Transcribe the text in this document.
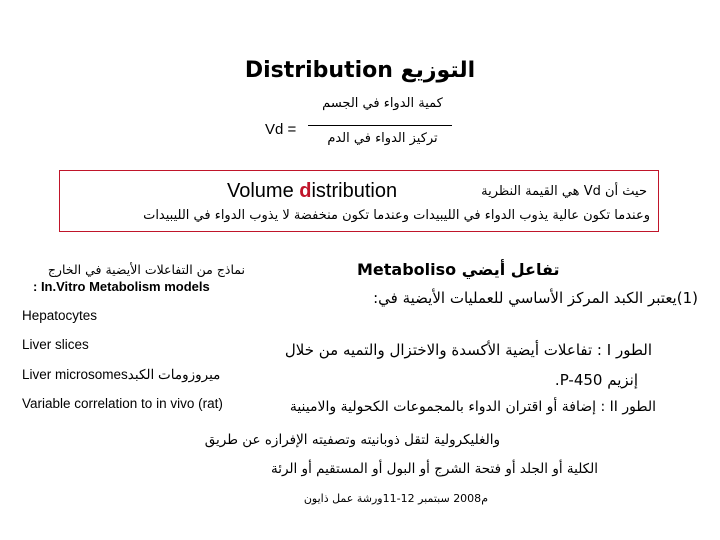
Distribution التوزيع
Vd =
كمية الدواء في الجسم
تركيز الدواء في الدم
Volume distribution	حيث أن Vd هي القيمة النظرية
وعندما تكون عالية يذوب الدواء في الليبيدات وعندما تكون منخفضة لا يذوب الدواء في الليبيدات
نماذج من التفاعلات الأيضية في الخارج
: In.Vitro Metabolism models
Hepatocytes
Liver slices
Liver microsomesميروزومات الكبد
Variable correlation to in vivo (rat)
Metaboliso تفاعل أيضي
(1)يعتبر الكبد المركز الأساسي للعمليات الأيضية في:
الطور I : تفاعلات أيضية الأكسدة والاختزال والتميه من خلال
إنزيم P-450.
الطور II : إضافة أو اقتران الدواء بالمجموعات الكحولية والامينية
والغليكرولية لتقل ذوبانيته وتصفيته الإفرازه عن طريق
الكلية أو الجلد أو فتحة الشرج أو البول أو المستقيم أو الرئة
م2008 سبتمبر 12-11ورشة عمل ذايون
